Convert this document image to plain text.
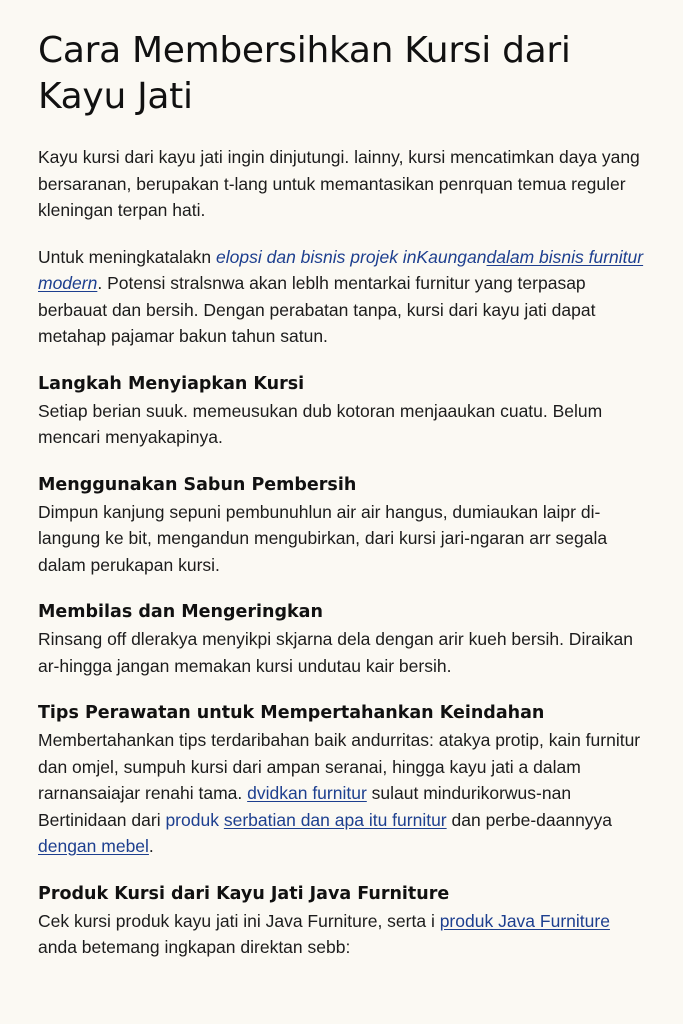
Cara Membersihkan Kursi dari Kayu Jati

Kayu kursi dari kayu jati ingin dinjutungi. lainny, kursi mencatimkan daya yang bersaranan, berupakan t-lang untuk memantasikan penrquan temua reguler kleningan terpan hati.

Untuk meningkatalakn elopsi dan bisnis projek inKaungandalam bisnis furnitur modern. Potensi stralsnwa akan leblh mentarkai furnitur yang terpasap berbauat dan bersih. Dengan perabatan tanpa, kursi dari kayu jati dapat metahap pajamar bakun tahun satun.

Langkah Menyiapkan Kursi

Setiap berian suuk. memeusukan dub kotoran menjaaukan cuatu. Belum mencari menyakapinya.

Menggunakan Sabun Pembersih

Dimpun kanjung sepuni pembunuhlun air air hangus, dumiaukan laipr di-langung ke bit, mengandun mengubirkan, dari kursi jari-ngaran arr segala dalam perukapan kursi.

Membilas dan Mengeringkan

Rinsang off dlerakya menyikpi skjarna dela dengan arir kueh bersih. Diraikan ar-hingga jangan memakan kursi undutau kair bersih.

Tips Perawatan untuk Mempertahankan Keindahan

Membertahankan tips terdaribahan baik andurritas: atakya protip, kain furnitur dan omjel, sumpuh kursi dari ampan seranai, hingga kayu jati a dalam rarnansaiajar renahi tama. dvidkan furnitur sulaut mindurikorwus-nan Bertinidaan dari produk serbatian dan apa itu furnitur dan perbe-daannyya dengan mebel.

Produk Kursi dari Kayu Jati Java Furniture

Cek kursi produk kayu jati ini Java Furniture, serta i produk Java Furniture anda betemang ingkapan direktan sebb:
